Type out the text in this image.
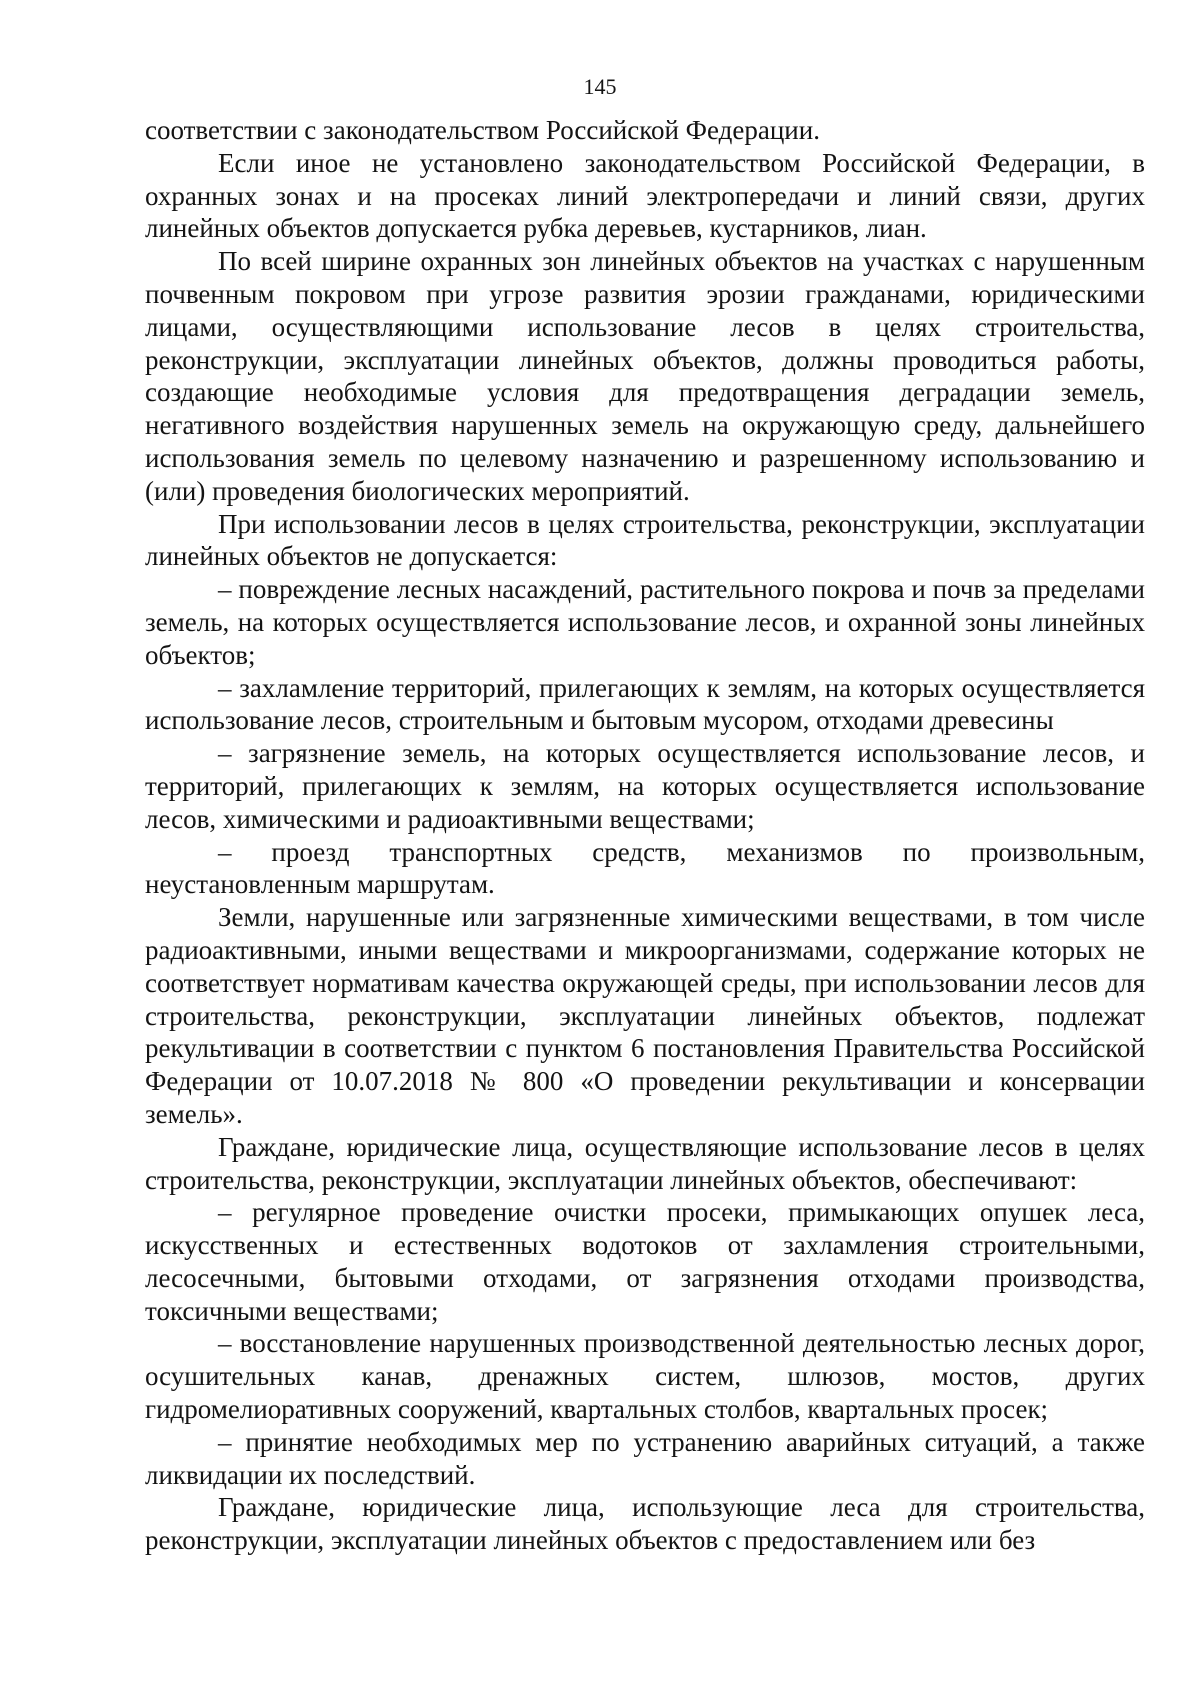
145

соответствии с законодательством Российской Федерации.

Если иное не установлено законодательством Российской Федерации, в охранных зонах и на просеках линий электропередачи и линий связи, других линейных объектов допускается рубка деревьев, кустарников, лиан.

По всей ширине охранных зон линейных объектов на участках с нарушенным почвенным покровом при угрозе развития эрозии гражданами, юридическими лицами, осуществляющими использование лесов в целях строительства, реконструкции, эксплуатации линейных объектов, должны проводиться работы, создающие необходимые условия для предотвращения деградации земель, негативного воздействия нарушенных земель на окружающую среду, дальнейшего использования земель по целевому назначению и разрешенному использованию и (или) проведения биологических мероприятий.

При использовании лесов в целях строительства, реконструкции, эксплуатации линейных объектов не допускается:

– повреждение лесных насаждений, растительного покрова и почв за пределами земель, на которых осуществляется использование лесов, и охранной зоны линейных объектов;

– захламление территорий, прилегающих к землям, на которых осуществляется использование лесов, строительным и бытовым мусором, отходами древесины

– загрязнение земель, на которых осуществляется использование лесов, и территорий, прилегающих к землям, на которых осуществляется использование лесов, химическими и радиоактивными веществами;

– проезд транспортных средств, механизмов по произвольным, неустановленным маршрутам.

Земли, нарушенные или загрязненные химическими веществами, в том числе радиоактивными, иными веществами и микроорганизмами, содержание которых не соответствует нормативам качества окружающей среды, при использовании лесов для строительства, реконструкции, эксплуатации линейных объектов, подлежат рекультивации в соответствии с пунктом 6 постановления Правительства Российской Федерации от 10.07.2018 № 800 «О проведении рекультивации и консервации земель».

Граждане, юридические лица, осуществляющие использование лесов в целях строительства, реконструкции, эксплуатации линейных объектов, обеспечивают:

– регулярное проведение очистки просеки, примыкающих опушек леса, искусственных и естественных водотоков от захламления строительными, лесосечными, бытовыми отходами, от загрязнения отходами производства, токсичными веществами;

– восстановление нарушенных производственной деятельностью лесных дорог, осушительных канав, дренажных систем, шлюзов, мостов, других гидромелиоративных сооружений, квартальных столбов, квартальных просек;

– принятие необходимых мер по устранению аварийных ситуаций, а также ликвидации их последствий.

Граждане, юридические лица, использующие леса для строительства, реконструкции, эксплуатации линейных объектов с предоставлением или без
